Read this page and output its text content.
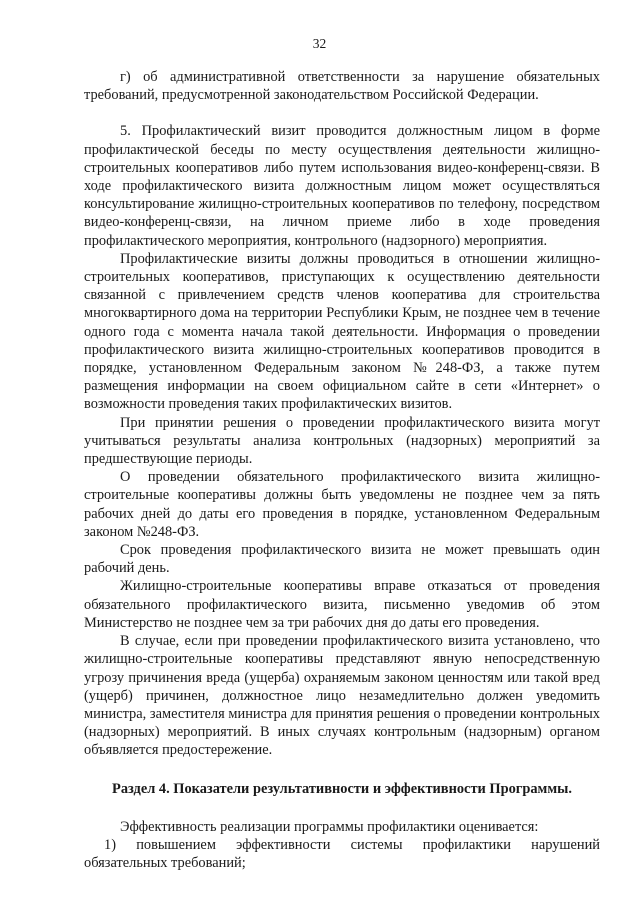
32

г) об административной ответственности за нарушение обязательных требований, предусмотренной законодательством Российской Федерации.

5. Профилактический визит проводится должностным лицом в форме профилактической беседы по месту осуществления деятельности жилищно-строительных кооперативов либо путем использования видео-конференц-связи. В ходе профилактического визита должностным лицом может осуществляться консультирование жилищно-строительных кооперативов по телефону, посредством видео-конференц-связи, на личном приеме либо в ходе проведения профилактического мероприятия, контрольного (надзорного) мероприятия.

Профилактические визиты должны проводиться в отношении жилищно-строительных кооперативов, приступающих к осуществлению деятельности связанной с привлечением средств членов кооператива для строительства многоквартирного дома на территории Республики Крым, не позднее чем в течение одного года с момента начала такой деятельности. Информация о проведении профилактического визита жилищно-строительных кооперативов проводится в порядке, установленном Федеральным законом №248-ФЗ, а также путем размещения информации на своем официальном сайте в сети «Интернет» о возможности проведения таких профилактических визитов.

При принятии решения о проведении профилактического визита могут учитываться результаты анализа контрольных (надзорных) мероприятий за предшествующие периоды.

О проведении обязательного профилактического визита жилищно-строительные кооперативы должны быть уведомлены не позднее чем за пять рабочих дней до даты его проведения в порядке, установленном Федеральным законом №248-ФЗ.

Срок проведения профилактического визита не может превышать один рабочий день.

Жилищно-строительные кооперативы вправе отказаться от проведения обязательного профилактического визита, письменно уведомив об этом Министерство не позднее чем за три рабочих дня до даты его проведения.

В случае, если при проведении профилактического визита установлено, что жилищно-строительные кооперативы представляют явную непосредственную угрозу причинения вреда (ущерба) охраняемым законом ценностям или такой вред (ущерб) причинен, должностное лицо незамедлительно должен уведомить министра, заместителя министра для принятия решения о проведении контрольных (надзорных) мероприятий. В иных случаях контрольным (надзорным) органом объявляется предостережение.

Раздел 4. Показатели результативности и эффективности Программы.

Эффективность реализации программы профилактики оценивается:

1) повышением эффективности системы профилактики нарушений обязательных требований;
